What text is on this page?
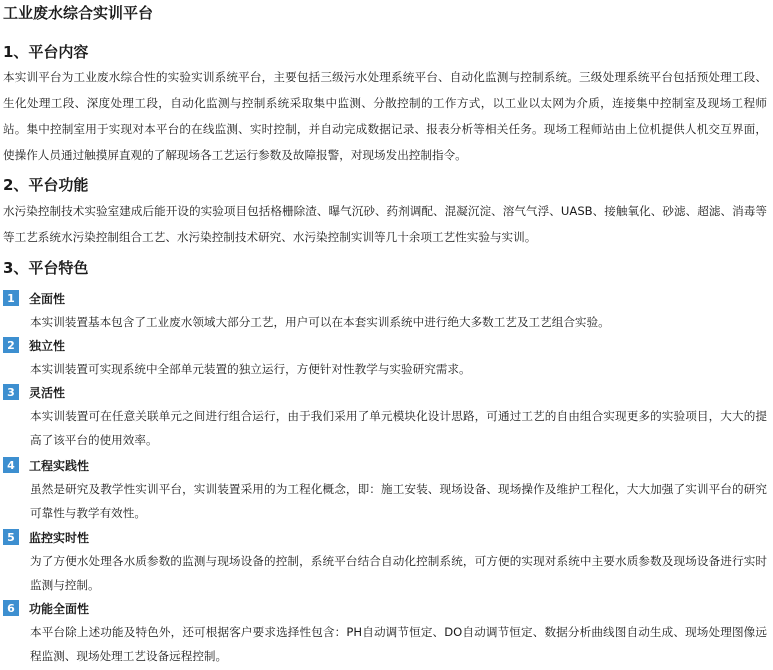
工业废水综合实训平台
1、平台内容
本实训平台为工业废水综合性的实验实训系统平台，主要包括三级污水处理系统平台、自动化监测与控制系统。三级处理系统平台包括预处理工段、生化处理工段、深度处理工段，自动化监测与控制系统采取集中监测、分散控制的工作方式，以工业以太网为介质，连接集中控制室及现场工程师站。集中控制室用于实现对本平台的在线监测、实时控制，并自动完成数据记录、报表分析等相关任务。现场工程师站由上位机提供人机交互界面，使操作人员通过触摸屏直观的了解现场各工艺运行参数及故障报警，对现场发出控制指令。
2、平台功能
水污染控制技术实验室建成后能开设的实验项目包括格栅除渣、曝气沉砂、药剂调配、混凝沉淀、溶气气浮、UASB、接触氧化、砂滤、超滤、消毒等等工艺系统水污染控制组合工艺、水污染控制技术研究、水污染控制实训等几十余项工艺性实验与实训。
3、平台特色
1	全面性
本实训装置基本包含了工业废水领域大部分工艺，用户可以在本套实训系统中进行绝大多数工艺及工艺组合实验。
2	独立性
本实训装置可实现系统中全部单元装置的独立运行，方便针对性教学与实验研究需求。
3	灵活性
本实训装置可在任意关联单元之间进行组合运行，由于我们采用了单元模块化设计思路，可通过工艺的自由组合实现更多的实验项目，大大的提高了该平台的使用效率。
4	工程实践性
虽然是研究及教学性实训平台，实训装置采用的为工程化概念，即：施工安装、现场设备、现场操作及维护工程化，大大加强了实训平台的研究可靠性与教学有效性。
5	监控实时性
为了方便水处理各水质参数的监测与现场设备的控制，系统平台结合自动化控制系统，可方便的实现对系统中主要水质参数及现场设备进行实时监测与控制。
6	功能全面性
本平台除上述功能及特色外，还可根据客户要求选择性包含：PH自动调节恒定、DO自动调节恒定、数据分析曲线图自动生成、现场处理图像远程监测、现场处理工艺设备远程控制。
